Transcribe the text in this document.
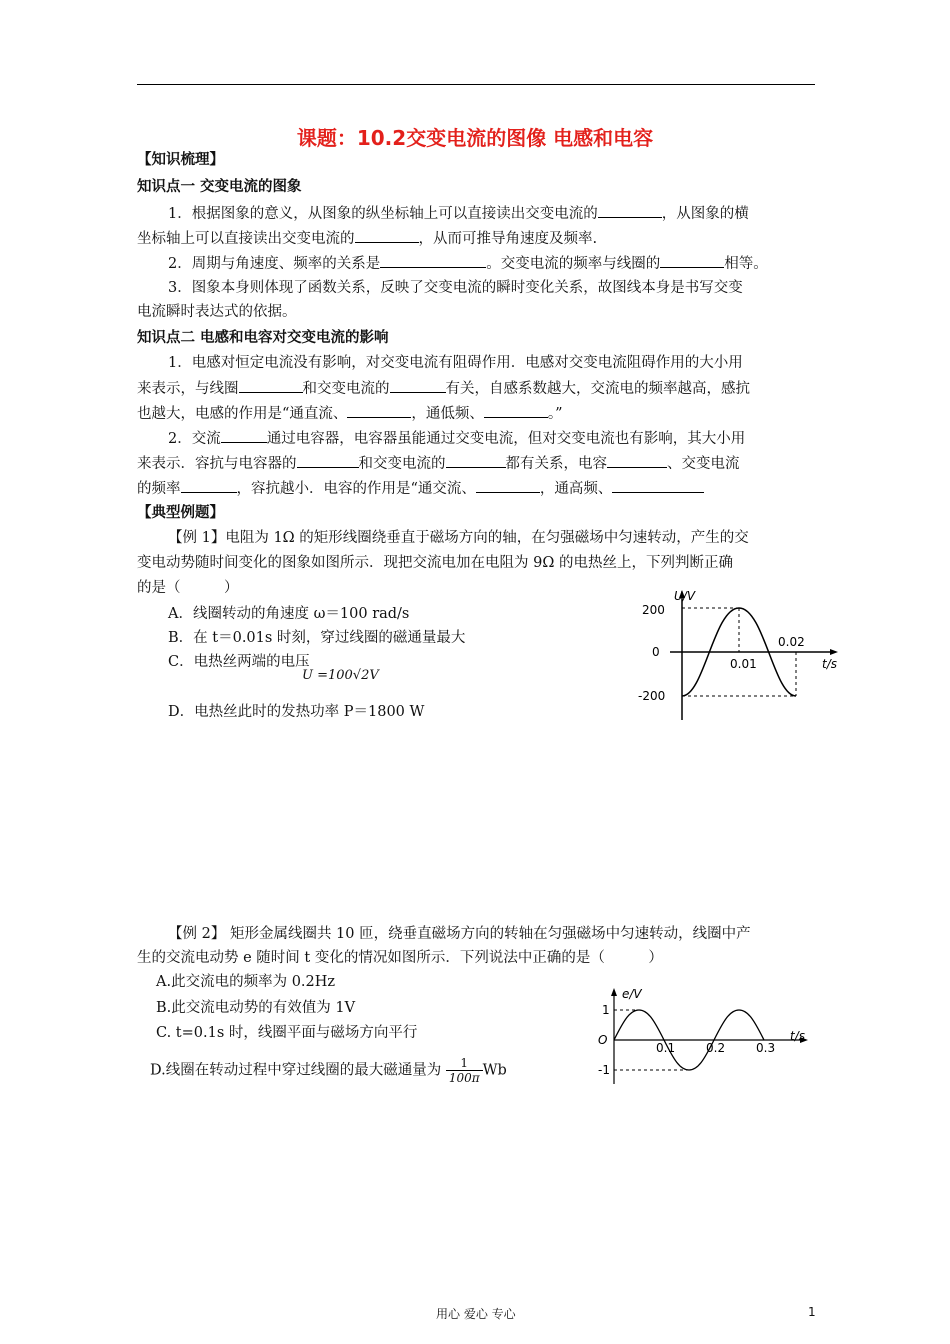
课题：10.2交变电流的图像 电感和电容
【知识梳理】
知识点一 交变电流的图象
1．根据图象的意义，从图象的纵坐标轴上可以直接读出交变电流的	，从图象的横
坐标轴上可以直接读出交变电流的	，从而可推导角速度及频率.
2．周期与角速度、频率的关系是	。交变电流的频率与线圈的	相等。
3．图象本身则体现了函数关系，反映了交变电流的瞬时变化关系，故图线本身是书写交变
电流瞬时表达式的依据。
知识点二 电感和电容对交变电流的影响
1．电感对恒定电流没有影响，对交变电流有阻碍作用．电感对交变电流阻碍作用的大小用
来表示，与线圈	和交变电流的	有关，自感系数越大，交流电的频率越高，感抗
也越大，电感的作用是“通直流、	，通低频、	。”
2．交流	通过电容器，电容器虽能通过交变电流，但对交变电流也有影响，其大小用
来表示．容抗与电容器的	和交变电流的	都有关系，电容	、交变电流
的频率	，容抗越小．电容的作用是“通交流、	，通高频、
【典型例题】
【例 1】电阻为 1Ω 的矩形线圈绕垂直于磁场方向的轴，在匀强磁场中匀速转动，产生的交
变电动势随时间变化的图象如图所示．现把交流电加在电阻为 9Ω 的电热丝上，下列判断正确
的是（　　　）
A．线圈转动的角速度 ω＝100 rad/s
B．在 t＝0.01s 时刻，穿过线圈的磁通量最大
C．电热丝两端的电压
U =100√2V
D．电热丝此时的发热功率 P＝1800 W
U/V
200
0
-200
0.01
0.02
t/s
【例 2】 矩形金属线圈共 10 匝，绕垂直磁场方向的转轴在匀强磁场中匀速转动，线圈中产
生的交流电动势 e 随时间 t 变化的情况如图所示．下列说法中正确的是（　　　）
A.此交流电的频率为 0.2Hz
B.此交流电动势的有效值为 1V
C. t=0.1s 时，线圈平面与磁场方向平行
D.线圈在转动过程中穿过线圈的最大磁通量为 $\frac{1}{100\pi}$ Wb
e/V
1
O
-1
0.1	0.2	0.3
t/s
用心 爱心 专心	1
